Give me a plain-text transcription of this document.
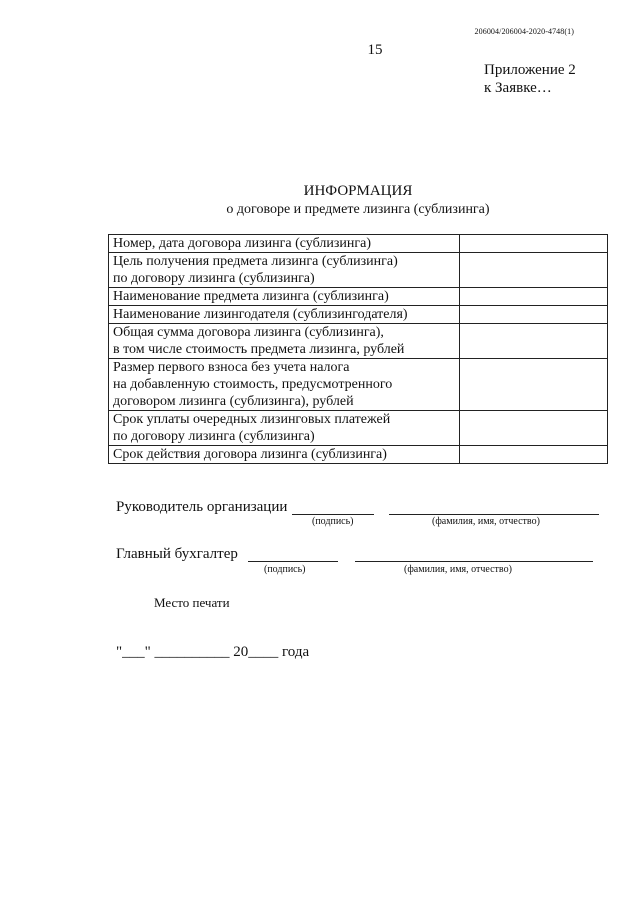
206004/206004-2020-4748(1)
15
Приложение 2
к Заявке…
ИНФОРМАЦИЯ
о договоре и предмете лизинга (сублизинга)
Номер, дата договора лизинга (сублизинга)	

Цель получения предмета лизинга (сублизинга)
по договору лизинга (сублизинга)	

Наименование предмета лизинга (сублизинга)	

Наименование лизингодателя (сублизингодателя)	

Общая сумма договора лизинга (сублизинга),
в том числе стоимость предмета лизинга, рублей	

Размер первого взноса без учета налога
на добавленную стоимость, предусмотренного
договором лизинга (сублизинга), рублей	

Срок уплаты очередных лизинговых платежей
по договору лизинга (сублизинга)	

Срок действия договора лизинга (сублизинга)	

Руководитель организации
(подпись)	(фамилия, имя, отчество)
Главный бухгалтер
(подпись)	(фамилия, имя, отчество)
Место печати
"___" __________ 20____ года
